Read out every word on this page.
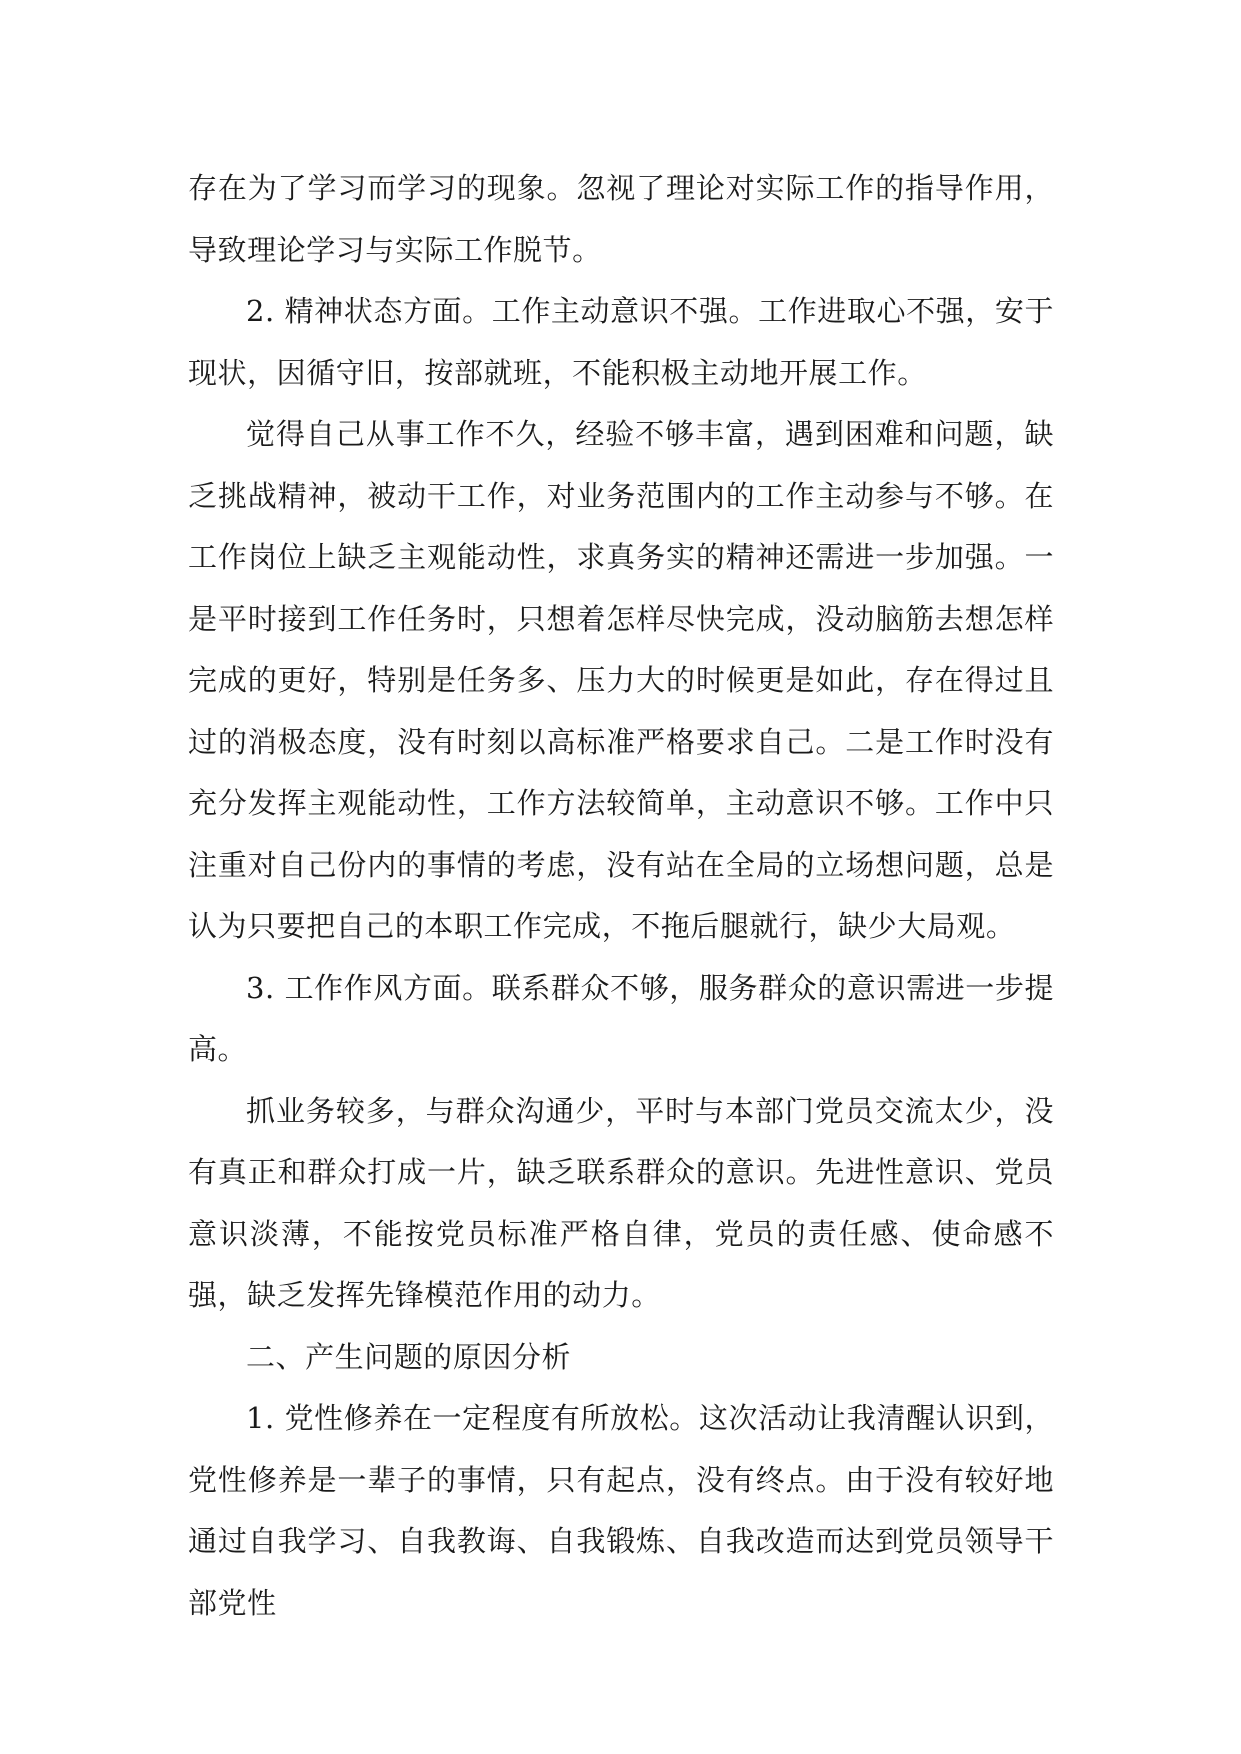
存在为了学习而学习的现象。忽视了理论对实际工作的指导作用，导致理论学习与实际工作脱节。

2. 精神状态方面。工作主动意识不强。工作进取心不强，安于现状，因循守旧，按部就班，不能积极主动地开展工作。

觉得自己从事工作不久，经验不够丰富，遇到困难和问题，缺乏挑战精神，被动干工作，对业务范围内的工作主动参与不够。在工作岗位上缺乏主观能动性，求真务实的精神还需进一步加强。一是平时接到工作任务时，只想着怎样尽快完成，没动脑筋去想怎样完成的更好，特别是任务多、压力大的时候更是如此，存在得过且过的消极态度，没有时刻以高标准严格要求自己。二是工作时没有充分发挥主观能动性，工作方法较简单，主动意识不够。工作中只注重对自己份内的事情的考虑，没有站在全局的立场想问题，总是认为只要把自己的本职工作完成，不拖后腿就行，缺少大局观。

3. 工作作风方面。联系群众不够，服务群众的意识需进一步提高。

抓业务较多，与群众沟通少，平时与本部门党员交流太少，没有真正和群众打成一片，缺乏联系群众的意识。先进性意识、党员意识淡薄，不能按党员标准严格自律，党员的责任感、使命感不强，缺乏发挥先锋模范作用的动力。

二、产生问题的原因分析

1. 党性修养在一定程度有所放松。这次活动让我清醒认识到，党性修养是一辈子的事情，只有起点，没有终点。由于没有较好地通过自我学习、自我教诲、自我锻炼、自我改造而达到党员领导干部党性
